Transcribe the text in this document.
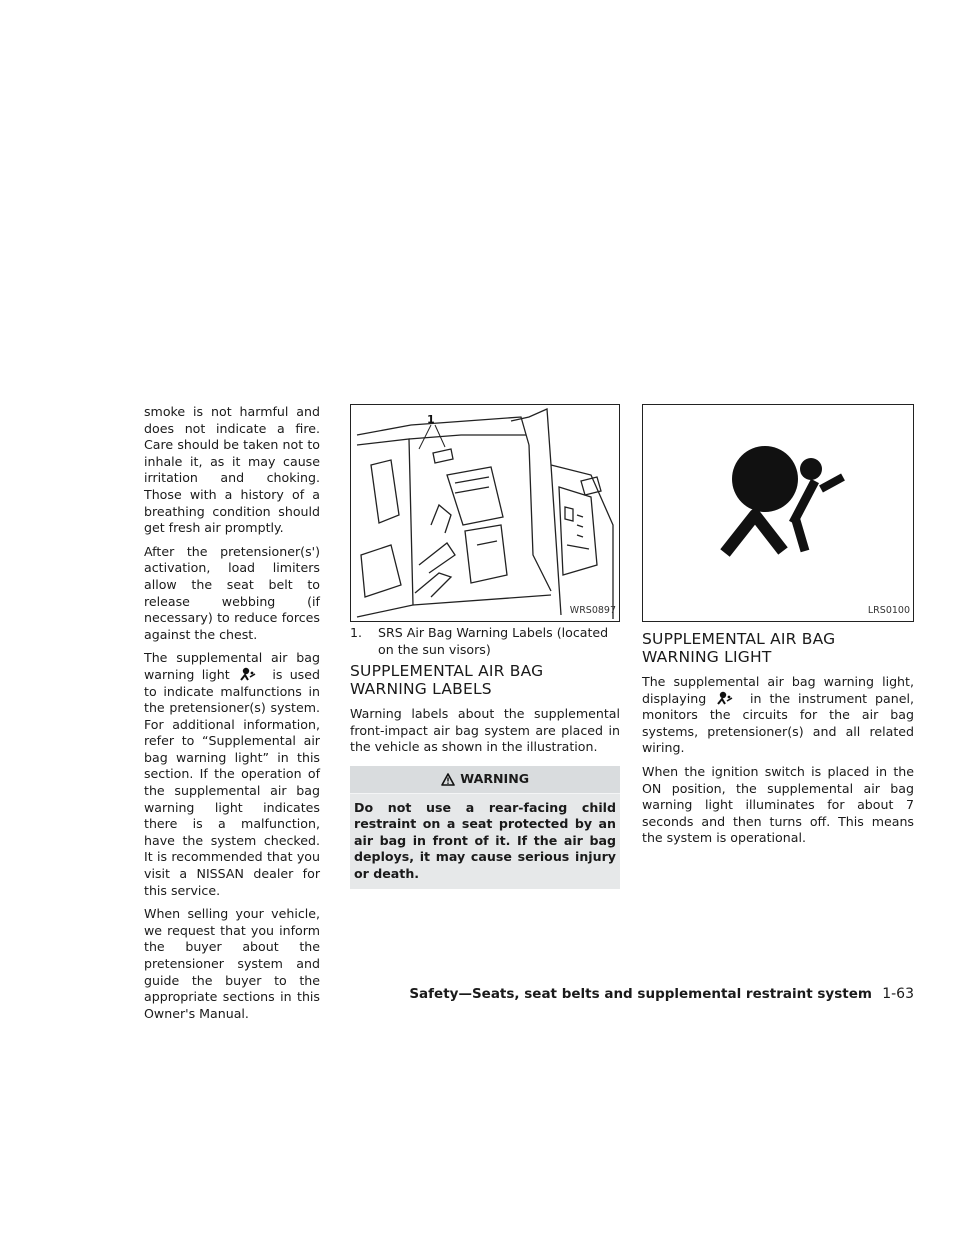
smoke is not harmful and does not indicate a fire. Care should be taken not to inhale it, as it may cause irritation and choking. Those with a history of a breathing condition should get fresh air promptly.

After the pretensioner(s') activation, load limiters allow the seat belt to release webbing (if necessary) to reduce forces against the chest.

The supplemental air bag warning light	is used to indicate malfunctions in the pretensioner(s) system. For additional information, refer to “Supplemental air bag warning light” in this section. If the operation of the supplemental air bag warning light indicates there is a malfunction, have the system checked. It is recommended that you visit a NISSAN dealer for this service.

When selling your vehicle, we request that you inform the buyer about the pretensioner system and guide the buyer to the appropriate sections in this Owner's Manual.

1
WRS0897
1.	SRS Air Bag Warning Labels (located on the sun visors)
SUPPLEMENTAL AIR BAG WARNING LABELS

Warning labels about the supplemental front-impact air bag system are placed in the vehicle as shown in the illustration.

WARNING
Do not use a rear-facing child restraint on a seat protected by an air bag in front of it. If the air bag deploys, it may cause serious injury or death.
LRS0100
SUPPLEMENTAL AIR BAG WARNING LIGHT

The supplemental air bag warning light, displaying	in the instrument panel, monitors the circuits for the air bag systems, pretensioner(s) and all related wiring.

When the ignition switch is placed in the ON position, the supplemental air bag warning light illuminates for about 7 seconds and then turns off. This means the system is operational.

Safety—Seats, seat belts and supplemental restraint system 1-63
